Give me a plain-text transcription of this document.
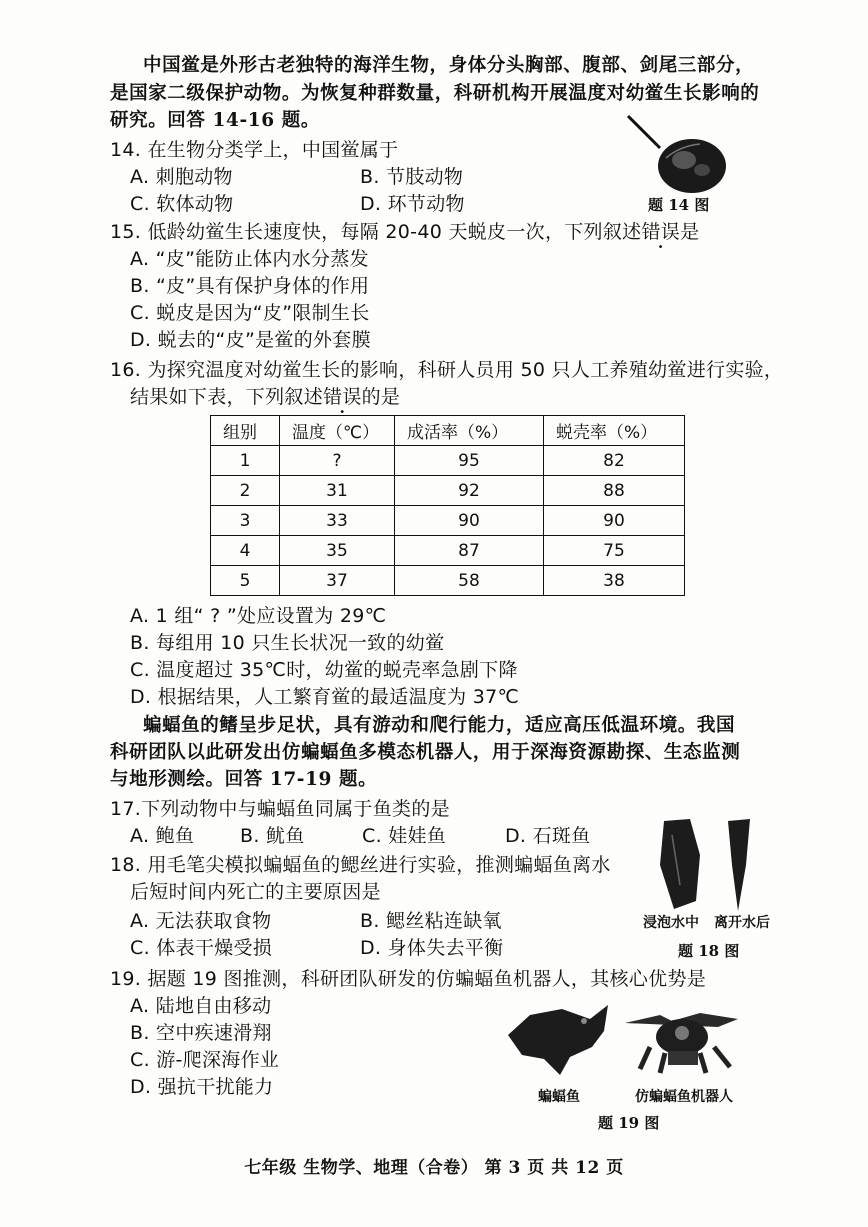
中国鲎是外形古老独特的海洋生物，身体分头胸部、腹部、剑尾三部分，
是国家二级保护动物。为恢复种群数量，科研机构开展温度对幼鲎生长影响的
研究。回答 14-16 题。
14. 在生物分类学上，中国鲎属于
A. 刺胞动物	B. 节肢动物
C. 软体动物	D. 环节动物	题 14 图
15. 低龄幼鲎生长速度快，每隔 20-40 天蜕皮一次，下列叙述错误是
A. “皮”能防止体内水分蒸发
B. “皮”具有保护身体的作用
C. 蜕皮是因为“皮”限制生长
D. 蜕去的“皮”是鲎的外套膜
16. 为探究温度对幼鲎生长的影响，科研人员用 50 只人工养殖幼鲎进行实验，
结果如下表，下列叙述错误的是
组别	温度（℃）	成活率（%）	蜕壳率（%）
1	?	95	82
2	31	92	88
3	33	90	90
4	35	87	75
5	37	58	38
A. 1 组“ ? ”处应设置为 29℃
B. 每组用 10 只生长状况一致的幼鲎
C. 温度超过 35℃时，幼鲎的蜕壳率急剧下降
D. 根据结果，人工繁育鲎的最适温度为 37℃
蝙蝠鱼的鳍呈步足状，具有游动和爬行能力，适应高压低温环境。我国
科研团队以此研发出仿蝙蝠鱼多模态机器人，用于深海资源勘探、生态监测
与地形测绘。回答 17-19 题。
17.下列动物中与蝙蝠鱼同属于鱼类的是
A. 鲍鱼 B. 鱿鱼	C. 娃娃鱼	D. 石斑鱼
18. 用毛笔尖模拟蝙蝠鱼的鳃丝进行实验，推测蝙蝠鱼离水
后短时间内死亡的主要原因是
A. 无法获取食物	B. 鳃丝粘连缺氧
C. 体表干燥受损	D. 身体失去平衡
浸泡水中 离开水后
题 18 图
19. 据题 19 图推测，科研团队研发的仿蝙蝠鱼机器人，其核心优势是
A. 陆地自由移动
B. 空中疾速滑翔
C. 游-爬深海作业
D. 强抗干扰能力	蝙蝠鱼	仿蝙蝠鱼机器人
题 19 图
七年级 生物学、地理（合卷） 第 3 页 共 12 页
